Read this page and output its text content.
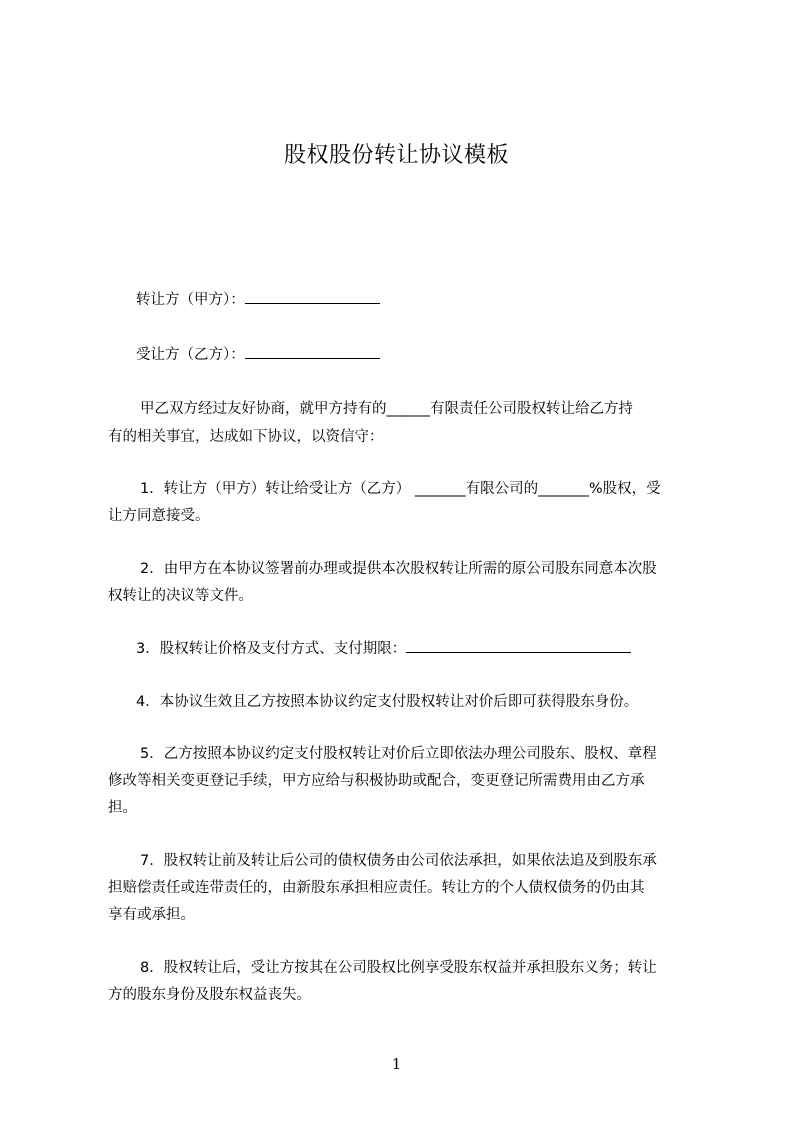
股权股份转让协议模板
转让方（甲方）：
受让方（乙方）：
甲乙双方经过友好协商，就甲方持有的______有限责任公司股权转让给乙方持
有的相关事宜，达成如下协议，以资信守：
1．转让方（甲方）转让给受让方（乙方） _______有限公司的_______%股权，受
让方同意接受。
2．由甲方在本协议签署前办理或提供本次股权转让所需的原公司股东同意本次股
权转让的决议等文件。
3．股权转让价格及支付方式、支付期限：
4．本协议生效且乙方按照本协议约定支付股权转让对价后即可获得股东身份。
5．乙方按照本协议约定支付股权转让对价后立即依法办理公司股东、股权、章程
修改等相关变更登记手续，甲方应给与积极协助或配合，变更登记所需费用由乙方承
担。
7．股权转让前及转让后公司的债权债务由公司依法承担，如果依法追及到股东承
担赔偿责任或连带责任的，由新股东承担相应责任。转让方的个人债权债务的仍由其
享有或承担。
8．股权转让后，受让方按其在公司股权比例享受股东权益并承担股东义务；转让
方的股东身份及股东权益丧失。
1
